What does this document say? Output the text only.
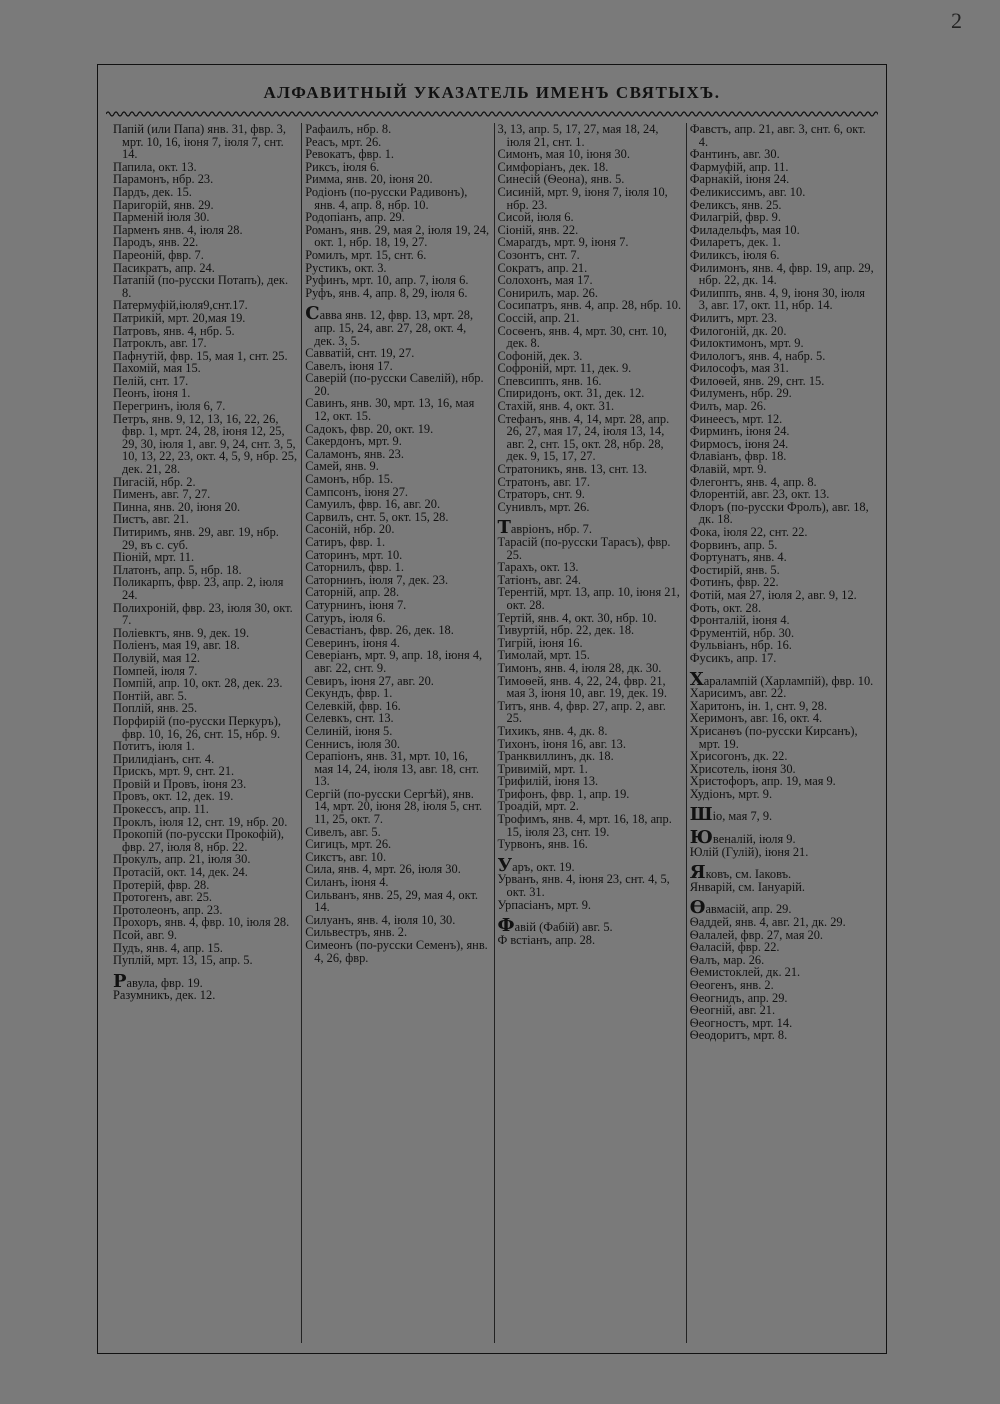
2
АЛФАВИТНЫЙ УКАЗАТЕЛЬ ИМЕНЪ СВЯТЫХЪ.
Папій (или Папа) янв. 31, фвр. 3, мрт. 10, 16, іюня 7, іюля 7, снт. 14.
Папила, окт. 13.
Парамонъ, нбр. 23.
Пардъ, дек. 15.
Паригорій, янв. 29.
Парменій іюля 30.
Парменъ янв. 4, іюля 28.
Пародъ, янв. 22.
Пареоній, фвр. 7.
Пасикратъ, апр. 24.
Патапій (по-русски Потапъ), дек. 8.
Патермуфій,іюля9,снт.17.
Патрикій, мрт. 20,мая 19.
Патровъ, янв. 4, нбр. 5.
Патроклъ, авг. 17.
Пафнутій, фвр. 15, мая 1, снт. 25.
Пахомій, мая 15.
Пелій, снт. 17.
Пеонъ, іюня 1.
Перегринъ, іюля 6, 7.
Петръ, янв. 9, 12, 13, 16, 22, 26, фвр. 1, мрт. 24, 28, іюня 12, 25, 29, 30, іюля 1, авг. 9, 24, снт. 3, 5, 10, 13, 22, 23, окт. 4, 5, 9, нбр. 25, дек. 21, 28.
Пигасій, нбр. 2.
Пименъ, авг. 7, 27.
Пинна, янв. 20, іюня 20.
Пистъ, авг. 21.
Питиримъ, янв. 29, авг. 19, нбр. 29, въ с. суб.
Піоній, мрт. 11.
Платонъ, апр. 5, нбр. 18.
Поликарпъ, фвр. 23, апр. 2, іюля 24.
Полихроній, фвр. 23, іюля 30, окт. 7.
Поліевктъ, янв. 9, дек. 19.
Поліенъ, мая 19, авг. 18.
Полувій, мая 12.
Помпей, іюля 7.
Помпій, апр. 10, окт. 28, дек. 23.
Понтій, авг. 5.
Поплій, янв. 25.
Порфирій (по-русски Перкуръ), фвр. 10, 16, 26, снт. 15, нбр. 9.
Потитъ, іюля 1.
Прилидіанъ, снт. 4.
Прискъ, мрт. 9, снт. 21.
Провій и Провъ, іюня 23.
Провъ, окт. 12, дек. 19.
Прокессъ, апр. 11.
Проклъ, іюля 12, снт. 19, нбр. 20.
Прокопій (по-русски Прокофій), фвр. 27, іюля 8, нбр. 22.
Прокулъ, апр. 21, іюля 30.
Протасій, окт. 14, дек. 24.
Протерій, фвр. 28.
Протогенъ, авг. 25.
Протолеонъ, апр. 23.
Прохоръ, янв. 4, фвр. 10, іюля 28.
Псой, авг. 9.
Пудъ, янв. 4, апр. 15.
Пуплій, мрт. 13, 15, апр. 5.
Равула, фвр. 19.
Разумникъ, дек. 12.
Рафаилъ, нбр. 8.
Реасъ, мрт. 26.
Ревокатъ, фвр. 1.
Риксъ, іюля 6.
Римма, янв. 20, іюня 20.
Родіонъ (по-русски Радивонъ), янв. 4, апр. 8, нбр. 10.
Родопіанъ, апр. 29.
Романъ, янв. 29, мая 2, іюля 19, 24, окт. 1, нбр. 18, 19, 27.
Ромилъ, мрт. 15, снт. 6.
Рустикъ, окт. 3.
Руфинъ, мрт. 10, апр. 7, іюля 6.
Руфъ, янв. 4, апр. 8, 29, іюля 6.
Савва янв. 12, фвр. 13, мрт. 28, апр. 15, 24, авг. 27, 28, окт. 4, дек. 3, 5.
Савватій, снт. 19, 27.
Савелъ, іюня 17.
Саверій (по-русски Савелій), нбр. 20.
Савинъ, янв. 30, мрт. 13, 16, мая 12, окт. 15.
Садокъ, фвр. 20, окт. 19.
Сакердонъ, мрт. 9.
Саламонъ, янв. 23.
Самей, янв. 9.
Самонъ, нбр. 15.
Сампсонъ, іюня 27.
Самуилъ, фвр. 16, авг. 20.
Сарвилъ, снт. 5, окт. 15, 28.
Сасоній, нбр. 20.
Сатиръ, фвр. 1.
Саторинъ, мрт. 10.
Саторнилъ, фвр. 1.
Саторнинъ, іюля 7, дек. 23.
Саторній, апр. 28.
Сатурнинъ, іюня 7.
Сатуръ, іюля 6.
Севастіанъ, фвр. 26, дек. 18.
Северинъ, іюня 4.
Северіанъ, мрт. 9, апр. 18, іюня 4, авг. 22, снт. 9.
Севиръ, іюня 27, авг. 20.
Секундъ, фвр. 1.
Селевкій, фвр. 16.
Селевкъ, снт. 13.
Селиній, іюня 5.
Сеннисъ, іюля 30.
Серапіонъ, янв. 31, мрт. 10, 16, мая 14, 24, іюля 13, авг. 18, снт. 13.
Сергій (по-русски Сергѣй), янв. 14, мрт. 20, іюня 28, іюля 5, снт. 11, 25, окт. 7.
Сивелъ, авг. 5.
Сигицъ, мрт. 26.
Сикстъ, авг. 10.
Сила, янв. 4, мрт. 26, іюля 30.
Силанъ, іюня 4.
Сильванъ, янв. 25, 29, мая 4, окт. 14.
Силуанъ, янв. 4, іюля 10, 30.
Сильвестръ, янв. 2.
Симеонъ (по-русски Семенъ), янв. 4, 26, фвр.
3, 13, апр. 5, 17, 27, мая 18, 24, іюля 21, снт. 1.
Симонъ, мая 10, іюня 30.
Симфоріанъ, дек. 18.
Синесій (Ѳеона), янв. 5.
Сисиній, мрт. 9, іюня 7, іюля 10, нбр. 23.
Сисой, іюля 6.
Сіоній, янв. 22.
Смарагдъ, мрт. 9, іюня 7.
Созонтъ, снт. 7.
Сократъ, апр. 21.
Солохонъ, мая 17.
Сонирилъ, мар. 26.
Сосипатръ, янв. 4, апр. 28, нбр. 10.
Соссій, апр. 21.
Сосѳенъ, янв. 4, мрт. 30, снт. 10, дек. 8.
Софоній, дек. 3.
Софроній, мрт. 11, дек. 9.
Спевсиппъ, янв. 16.
Спиридонъ, окт. 31, дек. 12.
Стахій, янв. 4, окт. 31.
Стефанъ, янв. 4, 14, мрт. 28, апр. 26, 27, мая 17, 24, іюля 13, 14, авг. 2, снт. 15, окт. 28, нбр. 28, дек. 9, 15, 17, 27.
Стратоникъ, янв. 13, снт. 13.
Стратонъ, авг. 17.
Страторъ, снт. 9.
Сунивлъ, мрт. 26.
Тавріонъ, нбр. 7.
Тарасій (по-русски Тарасъ), фвр. 25.
Тарахъ, окт. 13.
Татіонъ, авг. 24.
Терентій, мрт. 13, апр. 10, іюня 21, окт. 28.
Тертій, янв. 4, окт. 30, нбр. 10.
Тивуртій, нбр. 22, дек. 18.
Тигрій, іюня 16.
Тимолай, мрт. 15.
Тимонъ, янв. 4, іюля 28, дк. 30.
Тимоѳей, янв. 4, 22, 24, фвр. 21, мая 3, іюня 10, авг. 19, дек. 19.
Титъ, янв. 4, фвр. 27, апр. 2, авг. 25.
Тихикъ, янв. 4, дк. 8.
Тихонъ, іюня 16, авг. 13.
Транквиллинъ, дк. 18.
Тривимій, мрт. 1.
Трифилій, іюня 13.
Трифонъ, фвр. 1, апр. 19.
Троадій, мрт. 2.
Трофимъ, янв. 4, мрт. 16, 18, апр. 15, іюля 23, снт. 19.
Турвонъ, янв. 16.
Уаръ, окт. 19.
Урванъ, янв. 4, іюня 23, снт. 4, 5, окт. 31.
Урпасіанъ, мрт. 9.
Фавій (Фабій) авг. 5.
Ф встіанъ, апр. 28.
Фавстъ, апр. 21, авг. 3, снт. 6, окт. 4.
Фантинъ, авг. 30.
Фармуфій, апр. 11.
Фарнакій, іюня 24.
Феликиссимъ, авг. 10.
Феликсъ, янв. 25.
Филагрій, фвр. 9.
Филадельфъ, мая 10.
Филаретъ, дек. 1.
Филиксъ, іюля 6.
Филимонъ, янв. 4, фвр. 19, апр. 29, нбр. 22, дк. 14.
Филиппъ, янв. 4, 9, іюня 30, іюля 3, авг. 17, окт. 11, нбр. 14.
Филитъ, мрт. 23.
Филогоній, дк. 20.
Филоктимонъ, мрт. 9.
Филологъ, янв. 4, набр. 5.
Философъ, мая 31.
Филоѳей, янв. 29, снт. 15.
Филуменъ, нбр. 29.
Филъ, мар. 26.
Финеесъ, мрт. 12.
Фирминъ, іюня 24.
Фирмосъ, іюня 24.
Флавіанъ, фвр. 18.
Флавій, мрт. 9.
Флегонтъ, янв. 4, апр. 8.
Флорентій, авг. 23, окт. 13.
Флоръ (по-русски Фролъ), авг. 18, дк. 18.
Фока, іюля 22, снт. 22.
Форвинъ, апр. 5.
Фортунатъ, янв. 4.
Фостирій, янв. 5.
Фотинъ, фвр. 22.
Фотій, мая 27, іюля 2, авг. 9, 12.
Фоть, окт. 28.
Фронталій, іюня 4.
Фрументій, нбр. 30.
Фульвіанъ, нбр. 16.
Фусикъ, апр. 17.
Харалампій (Харлампій), фвр. 10.
Харисимъ, авг. 22.
Харитонъ, ін. 1, снт. 9, 28.
Херимонъ, авг. 16, окт. 4.
Хрисанѳъ (по-русски Кирсанъ), мрт. 19.
Хрисогонъ, дк. 22.
Хрисотель, іюня 30.
Христофоръ, апр. 19, мая 9.
Худіонъ, мрт. 9.
Шіо, мая 7, 9.
Ювеналій, іюля 9.
Юлій (Гулій), іюня 21.
Яковъ, см. Іаковъ.
Январій, см. Іануарій.
Ѳавмасій, апр. 29.
Ѳаддей, янв. 4, авг. 21, дк. 29.
Ѳалалей, фвр. 27, мая 20.
Ѳаласій, фвр. 22.
Ѳалъ, мар. 26.
Ѳемистоклей, дк. 21.
Ѳеогенъ, янв. 2.
Ѳеогнидъ, апр. 29.
Ѳеогній, авг. 21.
Ѳеогностъ, мрт. 14.
Ѳеодоритъ, мрт. 8.
